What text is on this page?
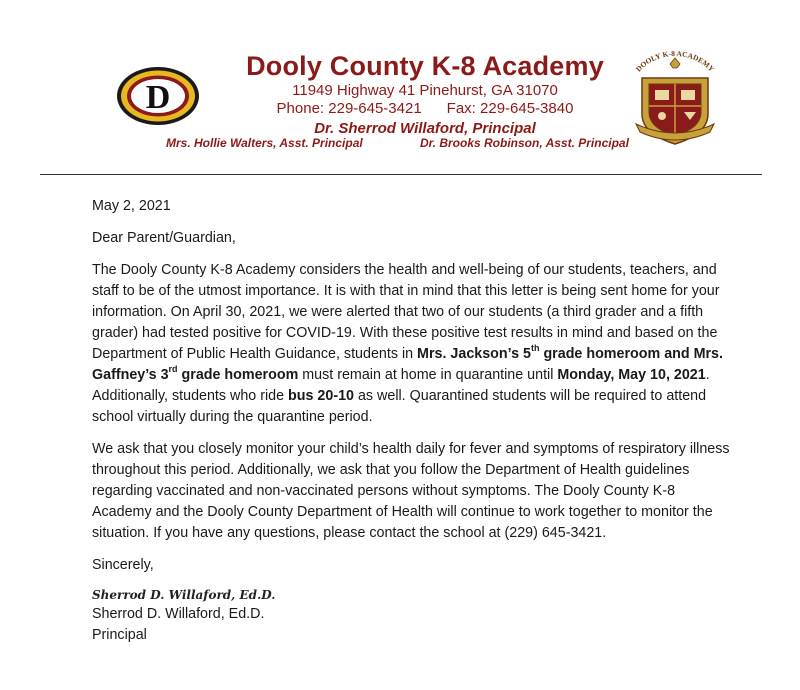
D
Dooly County K-8 Academy
11949 Highway 41 Pinehurst, GA 31070
Phone: 229-645-3421      Fax: 229-645-3840
Dr. Sherrod Willaford, Principal
Mrs. Hollie Walters, Asst. Principal	Dr. Brooks Robinson, Asst. Principal
DOOLY K-8 ACADEMY

May 2, 2021

Dear Parent/Guardian,

The Dooly County K-8 Academy considers the health and well-being of our students, teachers, and staff to be of the utmost importance. It is with that in mind that this letter is being sent home for your information. On April 30, 2021, we were alerted that two of our students (a third grader and a fifth grader) had tested positive for COVID-19. With these positive test results in mind and based on the Department of Public Health Guidance, students in Mrs. Jackson’s 5th grade homeroom and Mrs. Gaffney’s 3rd grade homeroom must remain at home in quarantine until Monday, May 10, 2021. Additionally, students who ride bus 20-10 as well. Quarantined students will be required to attend school virtually during the quarantine period.

We ask that you closely monitor your child’s health daily for fever and symptoms of respiratory illness throughout this period. Additionally, we ask that you follow the Department of Health guidelines regarding vaccinated and non-vaccinated persons without symptoms. The Dooly County K-8 Academy and the Dooly County Department of Health will continue to work together to monitor the situation. If you have any questions, please contact the school at (229) 645-3421.

Sincerely,

Sherrod D. Willaford, Ed.D.

Sherrod D. Willaford, Ed.D.

Principal
